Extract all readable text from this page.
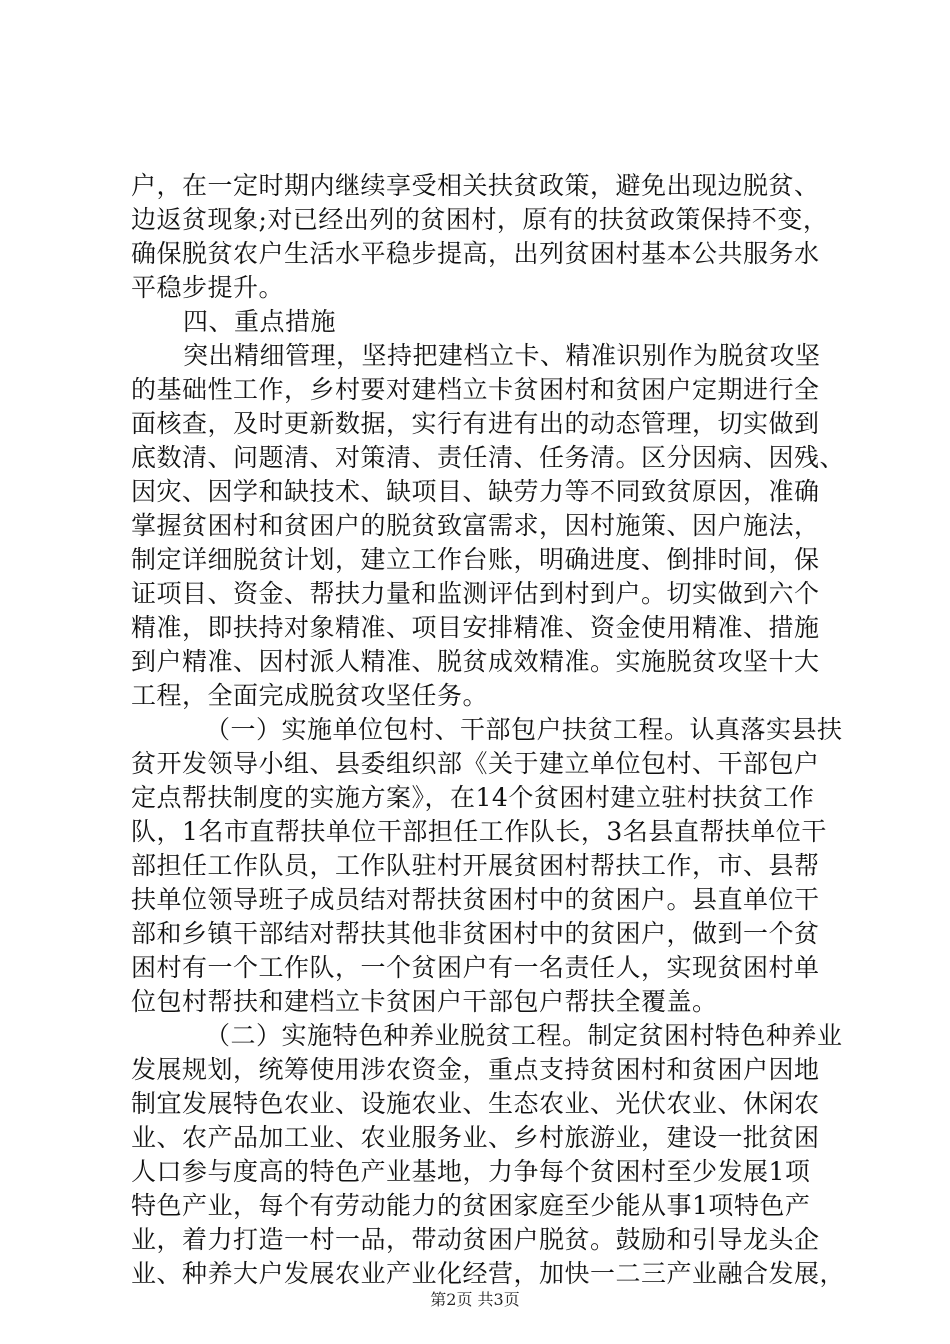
户，在一定时期内继续享受相关扶贫政策，避免出现边脱贫、
边返贫现象;对已经出列的贫困村，原有的扶贫政策保持不变，
确保脱贫农户生活水平稳步提高，出列贫困村基本公共服务水
平稳步提升。
四、重点措施
突出精细管理，坚持把建档立卡、精准识别作为脱贫攻坚
的基础性工作，乡村要对建档立卡贫困村和贫困户定期进行全
面核查，及时更新数据，实行有进有出的动态管理，切实做到
底数清、问题清、对策清、责任清、任务清。区分因病、因残、
因灾、因学和缺技术、缺项目、缺劳力等不同致贫原因，准确
掌握贫困村和贫困户的脱贫致富需求，因村施策、因户施法，
制定详细脱贫计划，建立工作台账，明确进度、倒排时间，保
证项目、资金、帮扶力量和监测评估到村到户。切实做到六个
精准，即扶持对象精准、项目安排精准、资金使用精准、措施
到户精准、因村派人精准、脱贫成效精准。实施脱贫攻坚十大
工程，全面完成脱贫攻坚任务。
（一）实施单位包村、干部包户扶贫工程。认真落实县扶
贫开发领导小组、县委组织部《关于建立单位包村、干部包户
定点帮扶制度的实施方案》，在14个贫困村建立驻村扶贫工作
队，1名市直帮扶单位干部担任工作队长，3名县直帮扶单位干
部担任工作队员，工作队驻村开展贫困村帮扶工作，市、县帮
扶单位领导班子成员结对帮扶贫困村中的贫困户。县直单位干
部和乡镇干部结对帮扶其他非贫困村中的贫困户，做到一个贫
困村有一个工作队，一个贫困户有一名责任人，实现贫困村单
位包村帮扶和建档立卡贫困户干部包户帮扶全覆盖。
（二）实施特色种养业脱贫工程。制定贫困村特色种养业
发展规划，统筹使用涉农资金，重点支持贫困村和贫困户因地
制宜发展特色农业、设施农业、生态农业、光伏农业、休闲农
业、农产品加工业、农业服务业、乡村旅游业，建设一批贫困
人口参与度高的特色产业基地，力争每个贫困村至少发展1项
特色产业，每个有劳动能力的贫困家庭至少能从事1项特色产
业，着力打造一村一品，带动贫困户脱贫。鼓励和引导龙头企
业、种养大户发展农业产业化经营，加快一二三产业融合发展，
第2页 共3页
